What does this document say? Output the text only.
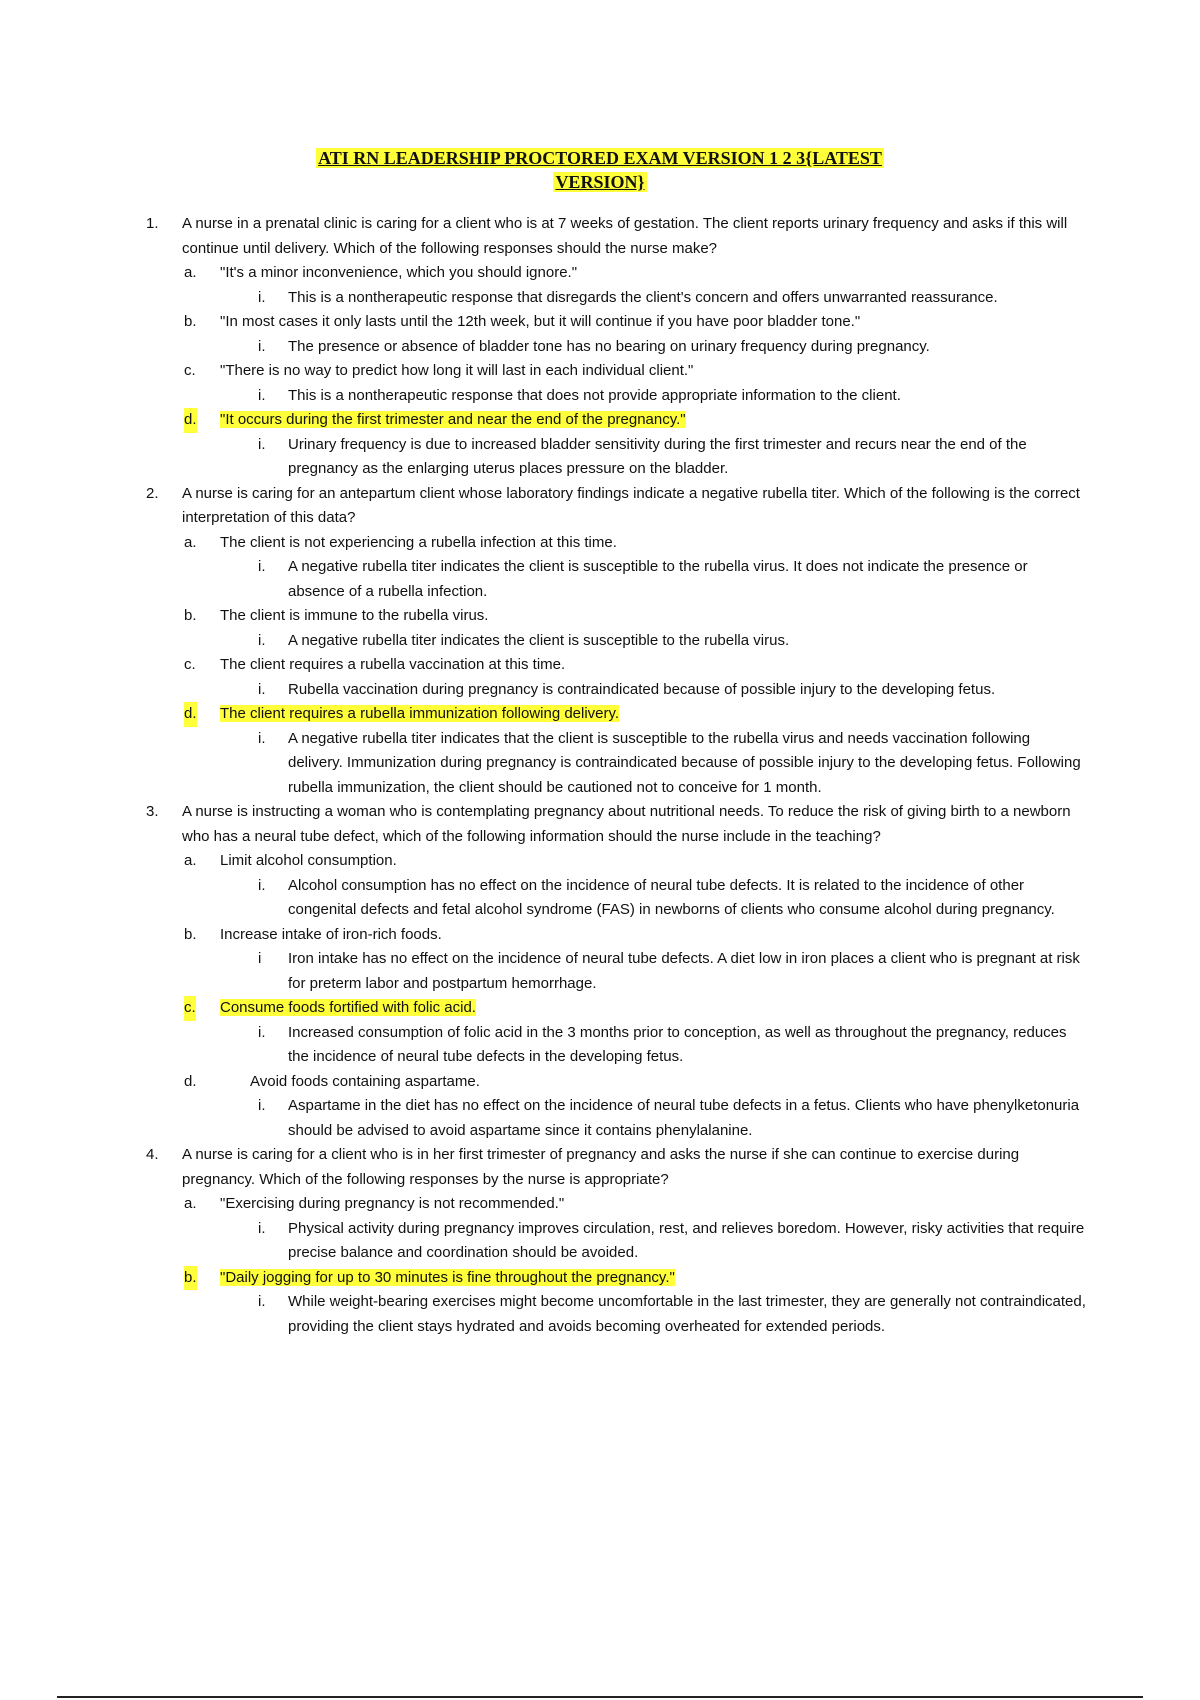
ATI RN LEADERSHIP PROCTORED EXAM VERSION 1 2 3{LATEST
VERSION}
1. A nurse in a prenatal clinic is caring for a client who is at 7 weeks of gestation. The client reports urinary frequency and asks if this will continue until delivery. Which of the following responses should the nurse make?
a. "It's a minor inconvenience, which you should ignore."
i. This is a nontherapeutic response that disregards the client's concern and offers unwarranted reassurance.
b. "In most cases it only lasts until the 12th week, but it will continue if you have poor bladder tone."
i. The presence or absence of bladder tone has no bearing on urinary frequency during pregnancy.
c. "There is no way to predict how long it will last in each individual client."
i. This is a nontherapeutic response that does not provide appropriate information to the client.
d. "It occurs during the first trimester and near the end of the pregnancy."
i. Urinary frequency is due to increased bladder sensitivity during the first trimester and recurs near the end of the pregnancy as the enlarging uterus places pressure on the bladder.
2. A nurse is caring for an antepartum client whose laboratory findings indicate a negative rubella titer. Which of the following is the correct interpretation of this data?
a. The client is not experiencing a rubella infection at this time.
i. A negative rubella titer indicates the client is susceptible to the rubella virus. It does not indicate the presence or absence of a rubella infection.
b. The client is immune to the rubella virus.
i. A negative rubella titer indicates the client is susceptible to the rubella virus.
c. The client requires a rubella vaccination at this time.
i. Rubella vaccination during pregnancy is contraindicated because of possible injury to the developing fetus.
d. The client requires a rubella immunization following delivery.
i. A negative rubella titer indicates that the client is susceptible to the rubella virus and needs vaccination following delivery. Immunization during pregnancy is contraindicated because of possible injury to the developing fetus. Following rubella immunization, the client should be cautioned not to conceive for 1 month.
3. A nurse is instructing a woman who is contemplating pregnancy about nutritional needs. To reduce the risk of giving birth to a newborn who has a neural tube defect, which of the following information should the nurse include in the teaching?
a. Limit alcohol consumption.
i. Alcohol consumption has no effect on the incidence of neural tube defects. It is related to the incidence of other congenital defects and fetal alcohol syndrome (FAS) in newborns of clients who consume alcohol during pregnancy.
b. Increase intake of iron-rich foods.
i Iron intake has no effect on the incidence of neural tube defects. A diet low in iron places a client who is pregnant at risk for preterm labor and postpartum hemorrhage.
c. Consume foods fortified with folic acid.
i. Increased consumption of folic acid in the 3 months prior to conception, as well as throughout the pregnancy, reduces the incidence of neural tube defects in the developing fetus.
d.	Avoid foods containing aspartame.
i. Aspartame in the diet has no effect on the incidence of neural tube defects in a fetus. Clients who have phenylketonuria should be advised to avoid aspartame since it contains phenylalanine.
4. A nurse is caring for a client who is in her first trimester of pregnancy and asks the nurse if she can continue to exercise during pregnancy. Which of the following responses by the nurse is appropriate?
a. "Exercising during pregnancy is not recommended."
i. Physical activity during pregnancy improves circulation, rest, and relieves boredom. However, risky activities that require precise balance and coordination should be avoided.
b. "Daily jogging for up to 30 minutes is fine throughout the pregnancy."
i. While weight-bearing exercises might become uncomfortable in the last trimester, they are generally not contraindicated, providing the client stays hydrated and avoids becoming overheated for extended periods.
